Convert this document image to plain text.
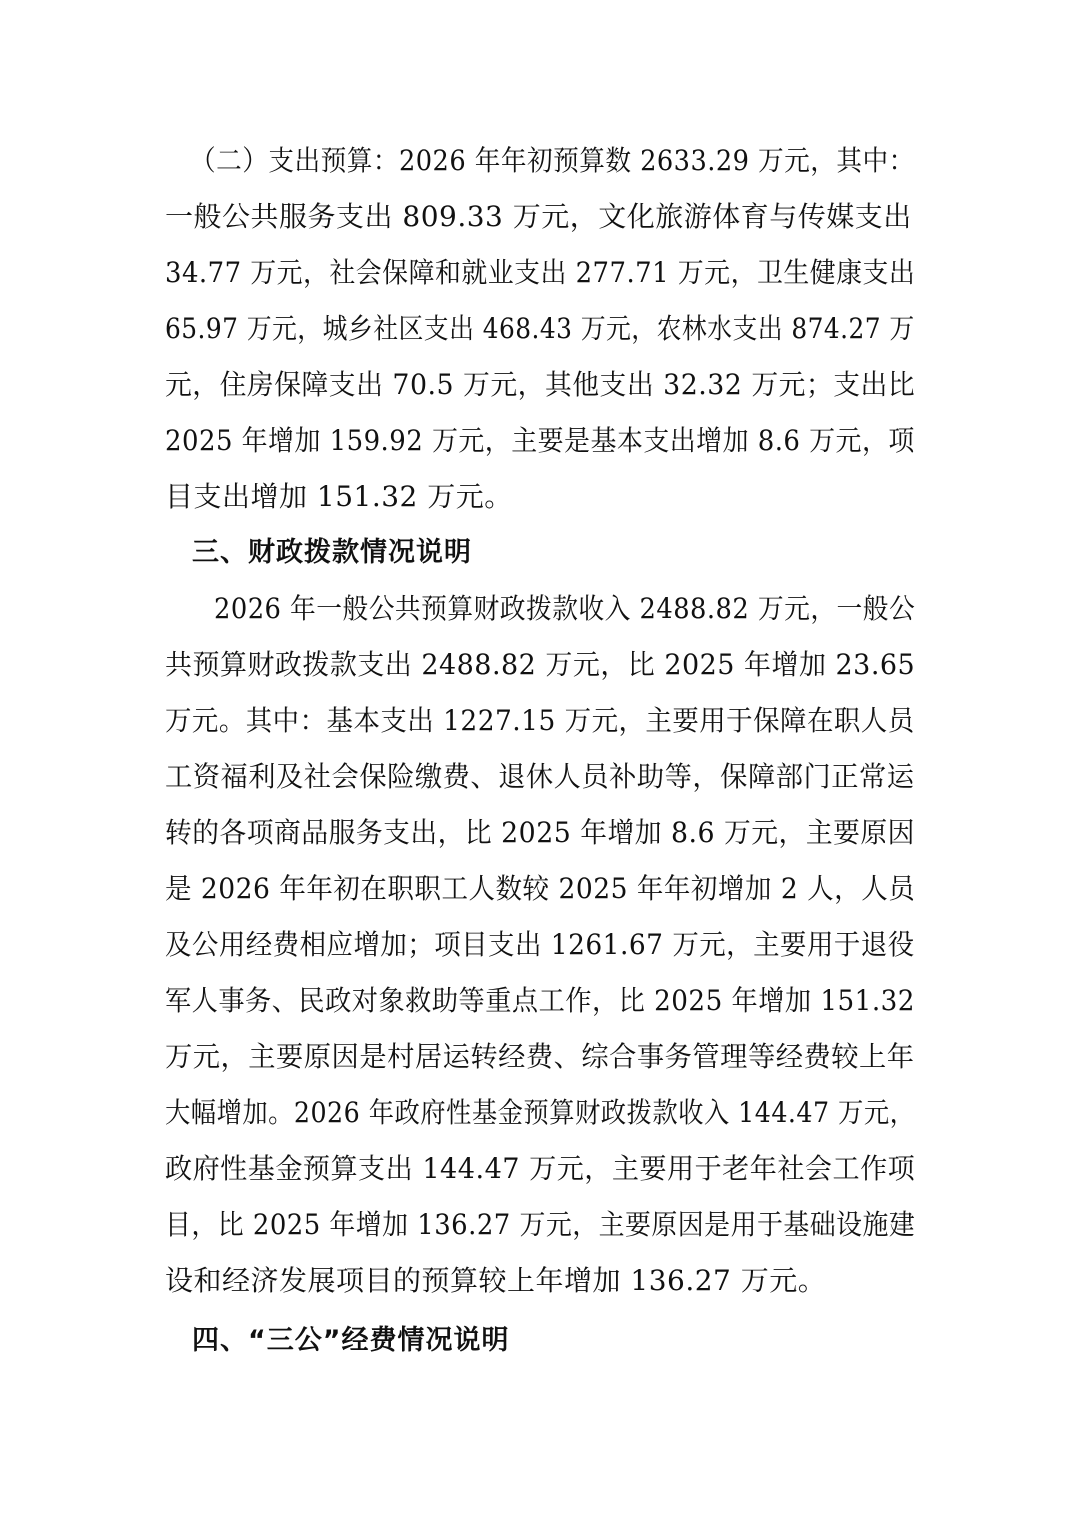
（二）支出预算：2026 年年初预算数 2633.29 万元，其中：
一般公共服务支出 809.33 万元，文化旅游体育与传媒支出
34.77 万元，社会保障和就业支出 277.71 万元，卫生健康支出
65.97 万元，城乡社区支出 468.43 万元，农林水支出 874.27 万
元，住房保障支出 70.5 万元，其他支出 32.32 万元；支出比
2025 年增加 159.92 万元，主要是基本支出增加 8.6 万元，项
目支出增加 151.32 万元。
三、财政拨款情况说明
2026 年一般公共预算财政拨款收入 2488.82 万元，一般公
共预算财政拨款支出 2488.82 万元，比 2025 年增加 23.65
万元。其中：基本支出 1227.15 万元，主要用于保障在职人员
工资福利及社会保险缴费、退休人员补助等，保障部门正常运
转的各项商品服务支出，比 2025 年增加 8.6 万元，主要原因
是 2026 年年初在职职工人数较 2025 年年初增加 2 人，人员
及公用经费相应增加；项目支出 1261.67 万元，主要用于退役
军人事务、民政对象救助等重点工作，比 2025 年增加 151.32
万元，主要原因是村居运转经费、综合事务管理等经费较上年
大幅增加。2026 年政府性基金预算财政拨款收入 144.47 万元，
政府性基金预算支出 144.47 万元，主要用于老年社会工作项
目，比 2025 年增加 136.27 万元，主要原因是用于基础设施建
设和经济发展项目的预算较上年增加 136.27 万元。
四、“三公”经费情况说明
